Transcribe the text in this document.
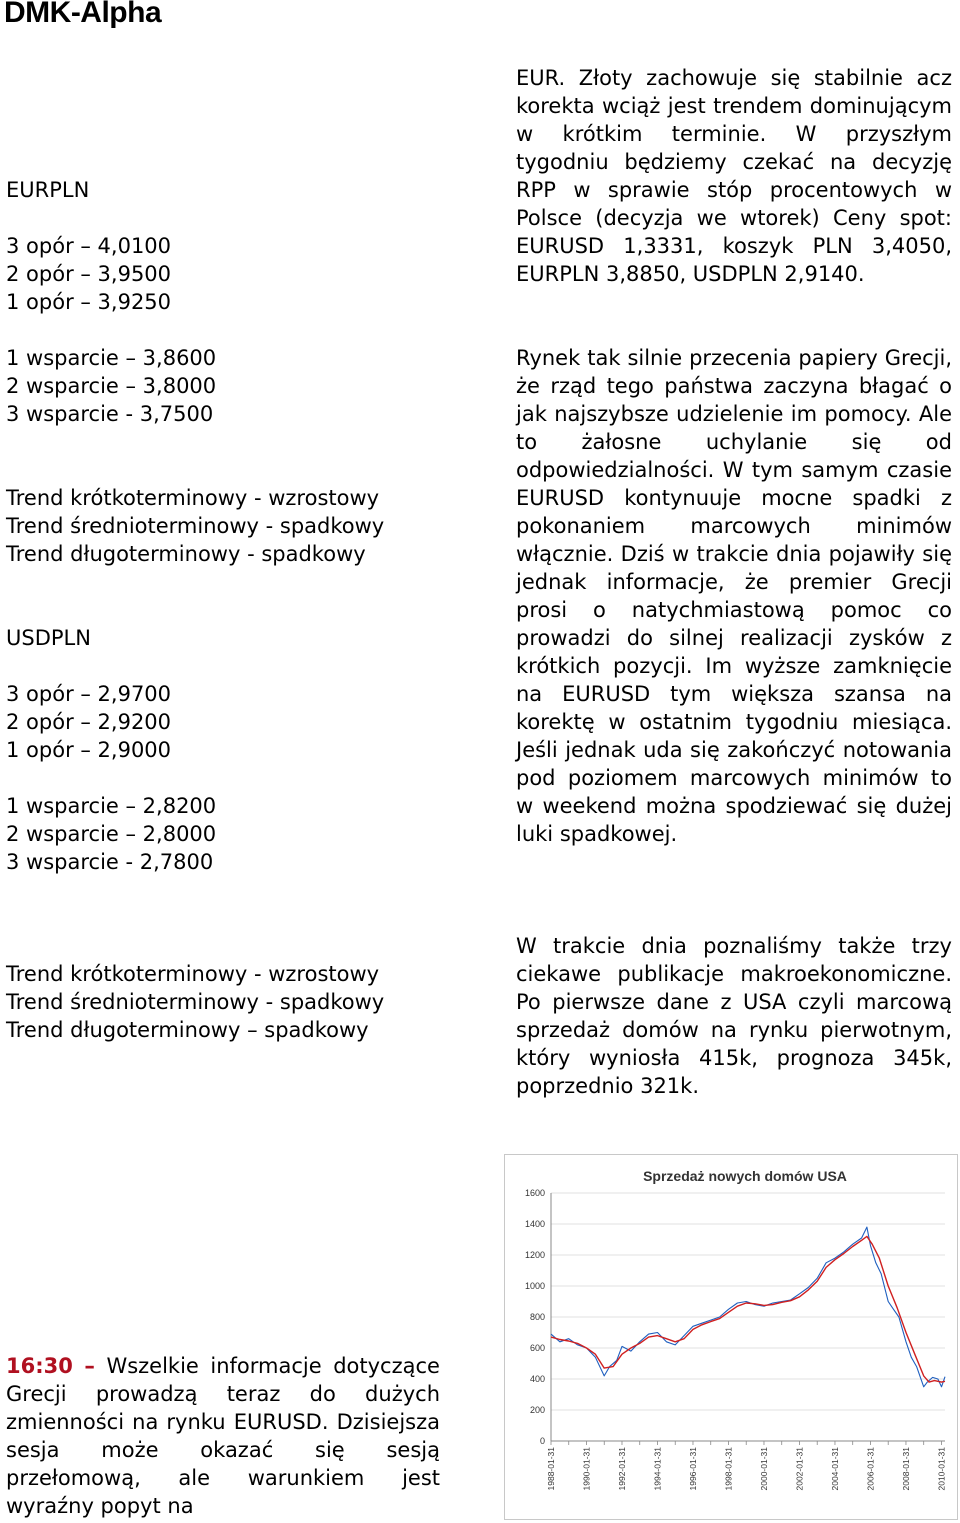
DMK-Alpha
EURPLN
3 opór – 4,0100
2 opór – 3,9500
1 opór – 3,9250
1 wsparcie – 3,8600
2 wsparcie – 3,8000
3 wsparcie - 3,7500
Trend krótkoterminowy - wzrostowy
Trend średnioterminowy - spadkowy
Trend długoterminowy - spadkowy
USDPLN
3 opór – 2,9700
2 opór – 2,9200
1 opór – 2,9000
1 wsparcie – 2,8200
2 wsparcie – 2,8000
3 wsparcie - 2,7800
Trend krótkoterminowy - wzrostowy
Trend średnioterminowy - spadkowy
Trend długoterminowy – spadkowy

EUR. Złoty zachowuje się stabilnie acz korekta wciąż jest trendem dominującym w krótkim terminie. W przyszłym tygodniu będziemy czekać na decyzję RPP w sprawie stóp procentowych w Polsce (decyzja we wtorek) Ceny spot: EURUSD 1,3331, koszyk PLN 3,4050, EURPLN 3,8850, USDPLN 2,9140.

Rynek tak silnie przecenia papiery Grecji, że rząd tego państwa zaczyna błagać o jak najszybsze udzielenie im pomocy. Ale to żałosne uchylanie się od odpowiedzialności. W tym samym czasie EURUSD kontynuuje mocne spadki z pokonaniem marcowych minimów włącznie. Dziś w trakcie dnia pojawiły się jednak informacje, że premier Grecji prosi o natychmiastową pomoc co prowadzi do silnej realizacji zysków z krótkich pozycji. Im wyższe zamknięcie na EURUSD tym większa szansa na korektę w ostatnim tygodniu miesiąca. Jeśli jednak uda się zakończyć notowania pod poziomem marcowych minimów to w weekend można spodziewać się dużej luki spadkowej.

W trakcie dnia poznaliśmy także trzy ciekawe publikacje makroekonomiczne. Po pierwsze dane z USA czyli marcową sprzedaż domów na rynku pierwotnym, który wyniosła 415k, prognoza 345k, poprzednio 321k.

Sprzedaż nowych domów USA
0
200
400
600
800
1000
1200
1400
1600
1988-01-31	1990-01-31	1992-01-31	1994-01-31	1996-01-31	1998-01-31	2000-01-31	2002-01-31	2004-01-31	2006-01-31	2008-01-31	2010-01-31
16:30 – Wszelkie informacje dotyczące Grecji prowadzą teraz do dużych zmienności na rynku EURUSD. Dzisiejsza sesja może okazać się sesją przełomową, ale warunkiem jest wyraźny popyt na
